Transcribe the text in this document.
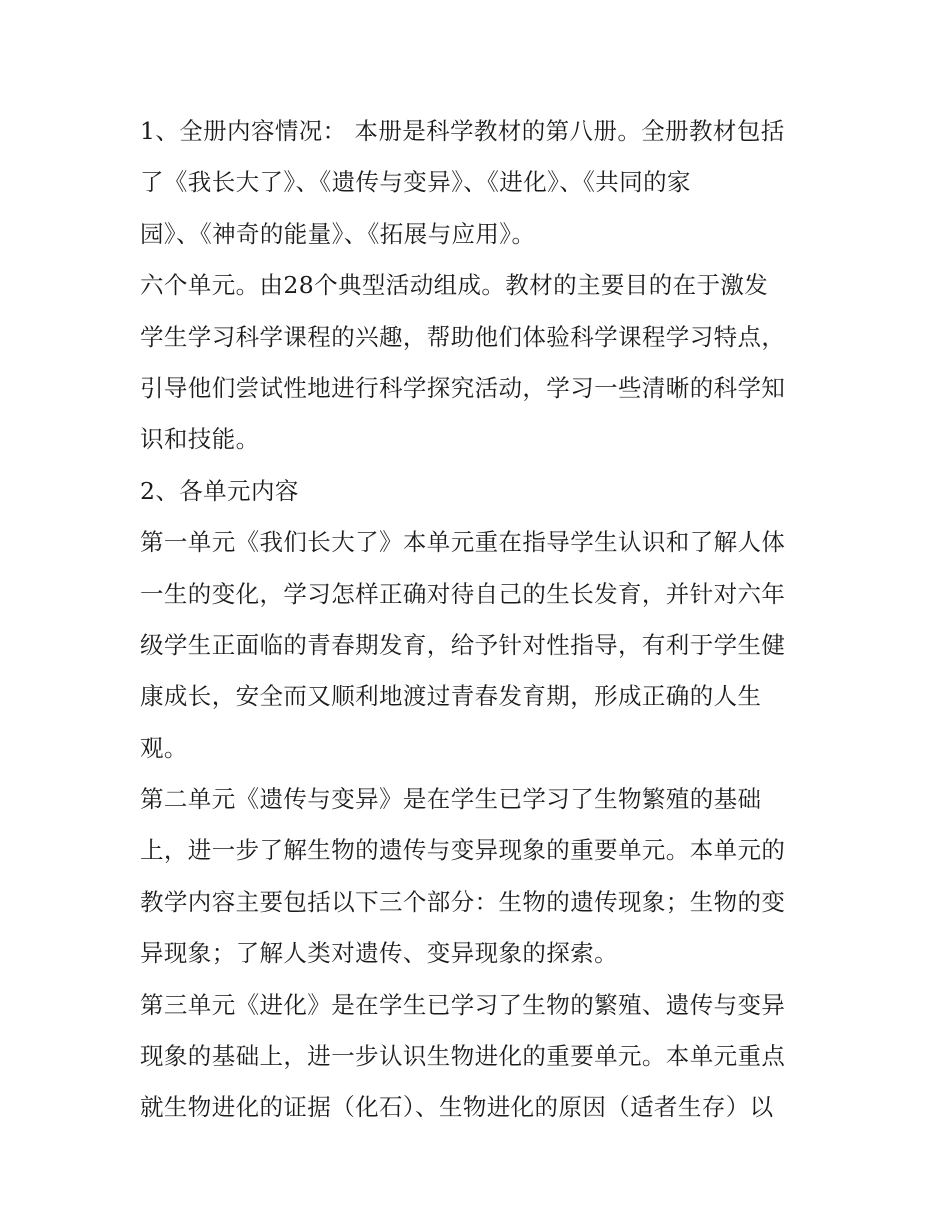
1、全册内容情况： 本册是科学教材的第八册。全册教材包括
了《我长大了》、《遗传与变异》、《进化》、《共同的家
园》、《神奇的能量》、《拓展与应用》。
六个单元。由28个典型活动组成。教材的主要目的在于激发
学生学习科学课程的兴趣，帮助他们体验科学课程学习特点，
引导他们尝试性地进行科学探究活动，学习一些清晰的科学知
识和技能。
2、各单元内容
第一单元《我们长大了》本单元重在指导学生认识和了解人体
一生的变化，学习怎样正确对待自己的生长发育，并针对六年
级学生正面临的青春期发育，给予针对性指导，有利于学生健
康成长，安全而又顺利地渡过青春发育期，形成正确的人生
观。
第二单元《遗传与变异》是在学生已学习了生物繁殖的基础
上，进一步了解生物的遗传与变异现象的重要单元。本单元的
教学内容主要包括以下三个部分：生物的遗传现象；生物的变
异现象；了解人类对遗传、变异现象的探索。
第三单元《进化》是在学生已学习了生物的繁殖、遗传与变异
现象的基础上，进一步认识生物进化的重要单元。本单元重点
就生物进化的证据（化石）、生物进化的原因（适者生存）以
